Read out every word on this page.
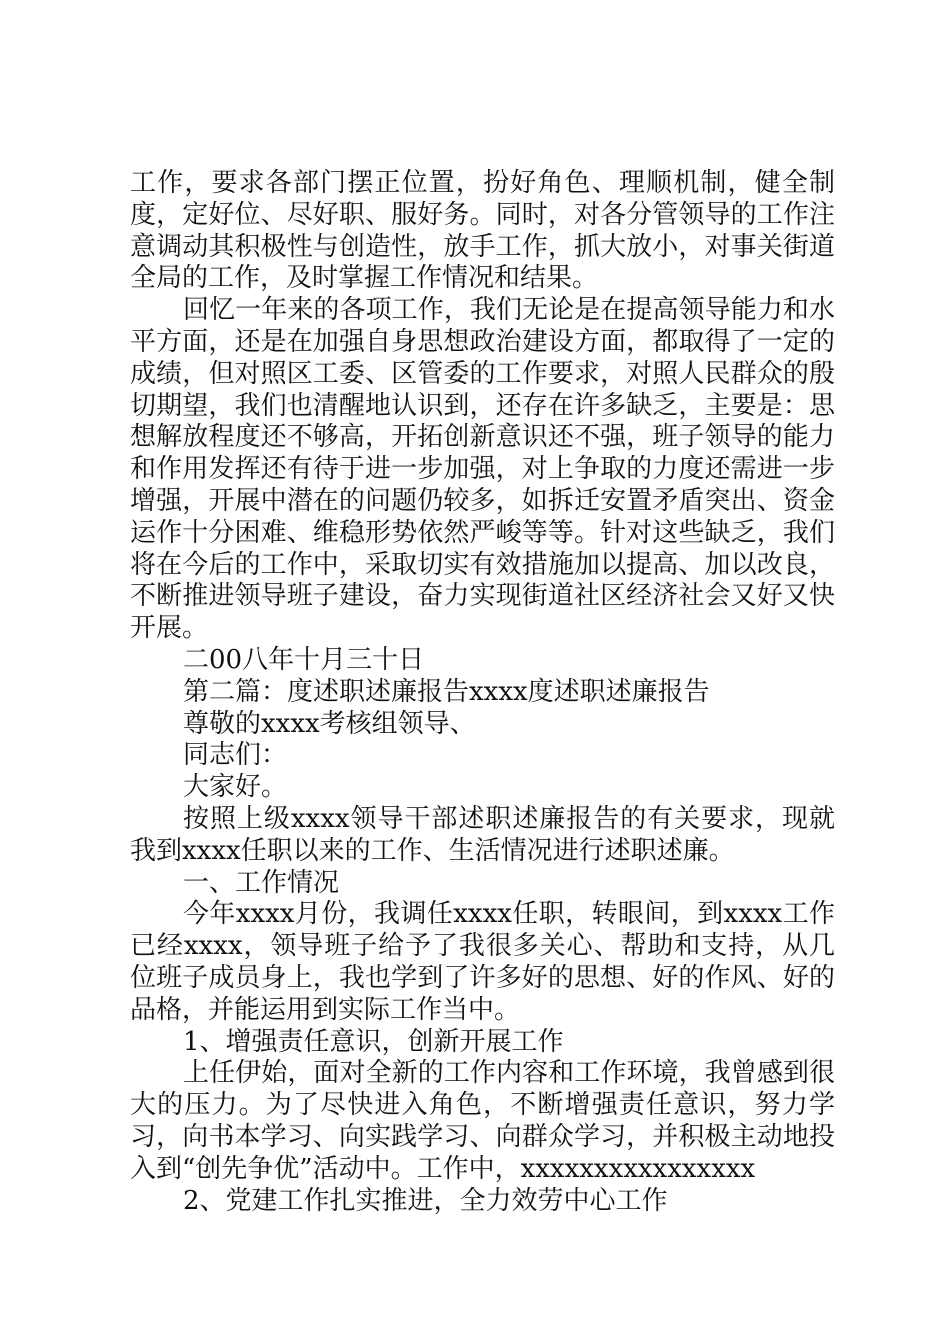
工作，要求各部门摆正位置，扮好角色、理顺机制，健全制度，定好位、尽好职、服好务。同时，对各分管领导的工作注意调动其积极性与创造性，放手工作，抓大放小，对事关街道全局的工作，及时掌握工作情况和结果。

回忆一年来的各项工作，我们无论是在提高领导能力和水平方面，还是在加强自身思想政治建设方面，都取得了一定的成绩，但对照区工委、区管委的工作要求，对照人民群众的殷切期望，我们也清醒地认识到，还存在许多缺乏，主要是：思想解放程度还不够高，开拓创新意识还不强，班子领导的能力和作用发挥还有待于进一步加强，对上争取的力度还需进一步增强，开展中潜在的问题仍较多，如拆迁安置矛盾突出、资金运作十分困难、维稳形势依然严峻等等。针对这些缺乏，我们将在今后的工作中，采取切实有效措施加以提高、加以改良，不断推进领导班子建设，奋力实现街道社区经济社会又好又快开展。

二00八年十月三十日

第二篇：度述职述廉报告xxxx度述职述廉报告

尊敬的xxxx考核组领导、

同志们：

大家好。

按照上级xxxx领导干部述职述廉报告的有关要求，现就我到xxxx任职以来的工作、生活情况进行述职述廉。

一、工作情况

今年xxxx月份，我调任xxxx任职，转眼间，到xxxx工作已经xxxx，领导班子给予了我很多关心、帮助和支持，从几位班子成员身上，我也学到了许多好的思想、好的作风、好的品格，并能运用到实际工作当中。

1、增强责任意识，创新开展工作

上任伊始，面对全新的工作内容和工作环境，我曾感到很大的压力。为了尽快进入角色，不断增强责任意识，努力学习，向书本学习、向实践学习、向群众学习，并积极主动地投入到“创先争优”活动中。工作中，xxxxxxxxxxxxxxxx

2、党建工作扎实推进，全力效劳中心工作
